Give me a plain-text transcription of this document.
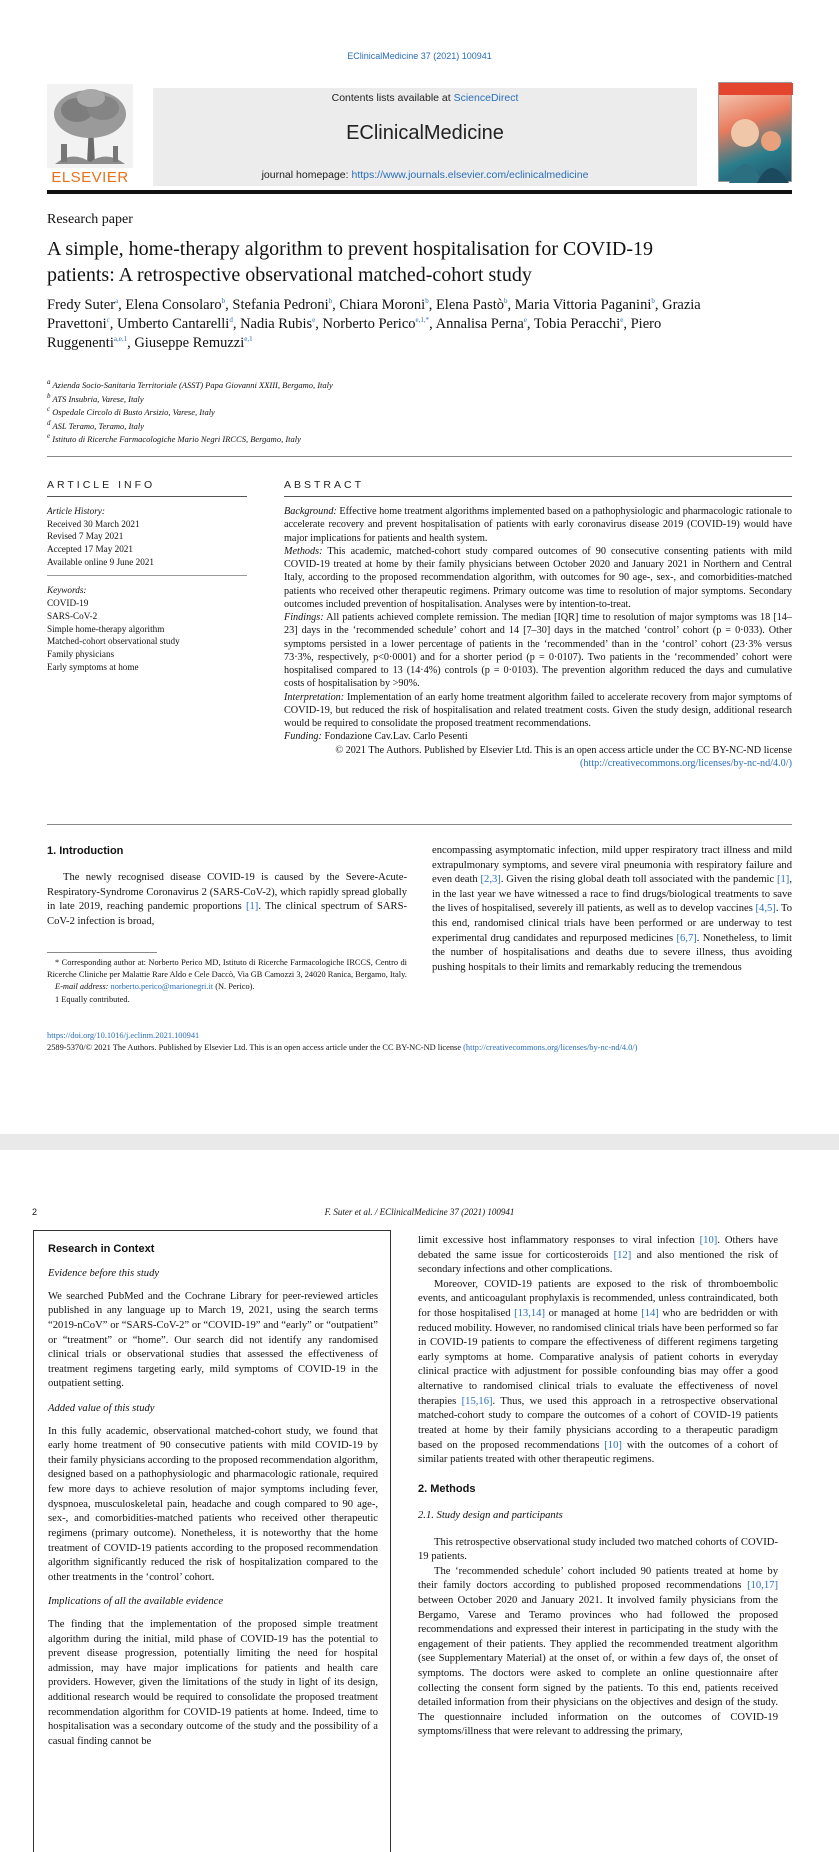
EClinicalMedicine 37 (2021) 100941
ELSEVIER
Contents lists available at ScienceDirect
EClinicalMedicine
journal homepage: https://www.journals.elsevier.com/eclinicalmedicine
Research paper
A simple, home-therapy algorithm to prevent hospitalisation for COVID-19 patients: A retrospective observational matched-cohort study
Fredy Suter$^a$, Elena Consolaro$^b$, Stefania Pedroni$^b$, Chiara Moroni$^b$, Elena Pastò$^b$, Maria Vittoria Paganini$^b$, Grazia Pravettoni$^c$, Umberto Cantarelli$^d$, Nadia Rubis$^e$, Norberto Perico$^{e,1,*}$, Annalisa Perna$^e$, Tobia Peracchi$^e$, Piero Ruggenenti$^{a,e,1}$, Giuseppe Remuzzi$^{e,1}$
$^a$ Azienda Socio-Sanitaria Territoriale (ASST) Papa Giovanni XXIII, Bergamo, Italy
$^b$ ATS Insubria, Varese, Italy
$^c$ Ospedale Circolo di Busto Arsizio, Varese, Italy
$^d$ ASL Teramo, Teramo, Italy
$^e$ Istituto di Ricerche Farmacologiche Mario Negri IRCCS, Bergamo, Italy
ARTICLE INFO	ABSTRACT
Article History:
Received 30 March 2021
Revised 7 May 2021
Accepted 17 May 2021
Available online 9 June 2021
Keywords:
COVID-19
SARS-CoV-2
Simple home-therapy algorithm
Matched-cohort observational study
Family physicians
Early symptoms at home
Background: Effective home treatment algorithms implemented based on a pathophysiologic and pharmacologic rationale to accelerate recovery and prevent hospitalisation of patients with early coronavirus disease 2019 (COVID-19) would have major implications for patients and health system.
Methods: This academic, matched-cohort study compared outcomes of 90 consecutive consenting patients with mild COVID-19 treated at home by their family physicians between October 2020 and January 2021 in Northern and Central Italy, according to the proposed recommendation algorithm, with outcomes for 90 age-, sex-, and comorbidities-matched patients who received other therapeutic regimens. Primary outcome was time to resolution of major symptoms. Secondary outcomes included prevention of hospitalisation. Analyses were by intention-to-treat.
Findings: All patients achieved complete remission. The median [IQR] time to resolution of major symptoms was 18 [14–23] days in the ‘recommended schedule’ cohort and 14 [7–30] days in the matched ‘control’ cohort (p = 0·033). Other symptoms persisted in a lower percentage of patients in the ‘recommended’ than in the ‘control’ cohort (23·3% versus 73·3%, respectively, p<0·0001) and for a shorter period (p = 0·0107). Two patients in the ‘recommended’ cohort were hospitalised compared to 13 (14·4%) controls (p = 0·0103). The prevention algorithm reduced the days and cumulative costs of hospitalisation by >90%.
Interpretation: Implementation of an early home treatment algorithm failed to accelerate recovery from major symptoms of COVID-19, but reduced the risk of hospitalisation and related treatment costs. Given the study design, additional research would be required to consolidate the proposed treatment recommendations.
Funding: Fondazione Cav.Lav. Carlo Pesenti
© 2021 The Authors. Published by Elsevier Ltd. This is an open access article under the CC BY-NC-ND license
(http://creativecommons.org/licenses/by-nc-nd/4.0/)
1. Introduction

The newly recognised disease COVID-19 is caused by the Severe-Acute-Respiratory-Syndrome Coronavirus 2 (SARS-CoV-2), which rapidly spread globally in late 2019, reaching pandemic proportions [1]. The clinical spectrum of SARS-CoV-2 infection is broad,

* Corresponding author at: Norberto Perico MD, Istituto di Ricerche Farmacologiche IRCCS, Centro di Ricerche Cliniche per Malattie Rare Aldo e Cele Daccò, Via GB Camozzi 3, 24020 Ranica, Bergamo, Italy.

E-mail address: norberto.perico@marionegri.it (N. Perico).

1 Equally contributed.

encompassing asymptomatic infection, mild upper respiratory tract illness and mild extrapulmonary symptoms, and severe viral pneumonia with respiratory failure and even death [2,3]. Given the rising global death toll associated with the pandemic [1], in the last year we have witnessed a race to find drugs/biological treatments to save the lives of hospitalised, severely ill patients, as well as to develop vaccines [4,5]. To this end, randomised clinical trials have been performed or are underway to test experimental drug candidates and repurposed medicines [6,7]. Nonetheless, to limit the number of hospitalisations and deaths due to severe illness, thus avoiding pushing hospitals to their limits and remarkably reducing the tremendous

https://doi.org/10.1016/j.eclinm.2021.100941
2589-5370/© 2021 The Authors. Published by Elsevier Ltd. This is an open access article under the CC BY-NC-ND license (http://creativecommons.org/licenses/by-nc-nd/4.0/)
2	F. Suter et al. / EClinicalMedicine 37 (2021) 100941
Research in Context
Evidence before this study

We searched PubMed and the Cochrane Library for peer-reviewed articles published in any language up to March 19, 2021, using the search terms “2019-nCoV” or “SARS-CoV-2” or “COVID-19” and “early” or “outpatient” or “treatment” or “home”. Our search did not identify any randomised clinical trials or observational studies that assessed the effectiveness of treatment regimens targeting early, mild symptoms of COVID-19 in the outpatient setting.

Added value of this study

In this fully academic, observational matched-cohort study, we found that early home treatment of 90 consecutive patients with mild COVID-19 by their family physicians according to the proposed recommendation algorithm, designed based on a pathophysiologic and pharmacologic rationale, required few more days to achieve resolution of major symptoms including fever, dyspnoea, musculoskeletal pain, headache and cough compared to 90 age-, sex-, and comorbidities-matched patients who received other therapeutic regimens (primary outcome). Nonetheless, it is noteworthy that the home treatment of COVID-19 patients according to the proposed recommendation algorithm significantly reduced the risk of hospitalization compared to the other treatments in the ‘control’ cohort.

Implications of all the available evidence

The finding that the implementation of the proposed simple treatment algorithm during the initial, mild phase of COVID-19 has the potential to prevent disease progression, potentially limiting the need for hospital admission, may have major implications for patients and health care providers. However, given the limitations of the study in light of its design, additional research would be required to consolidate the proposed treatment recommendation algorithm for COVID-19 patients at home. Indeed, time to hospitalisation was a secondary outcome of the study and the possibility of a casual finding cannot be

limit excessive host inflammatory responses to viral infection [10]. Others have debated the same issue for corticosteroids [12] and also mentioned the risk of secondary infections and other complications.

Moreover, COVID-19 patients are exposed to the risk of thromboembolic events, and anticoagulant prophylaxis is recommended, unless contraindicated, both for those hospitalised [13,14] or managed at home [14] who are bedridden or with reduced mobility. However, no randomised clinical trials have been performed so far in COVID-19 patients to compare the effectiveness of different regimens targeting early symptoms at home. Comparative analysis of patient cohorts in everyday clinical practice with adjustment for possible confounding bias may offer a good alternative to randomised clinical trials to evaluate the effectiveness of novel therapies [15,16]. Thus, we used this approach in a retrospective observational matched-cohort study to compare the outcomes of a cohort of COVID-19 patients treated at home by their family physicians according to a therapeutic paradigm based on the proposed recommendations [10] with the outcomes of a cohort of similar patients treated with other therapeutic regimens.

2. Methods

2.1. Study design and participants

This retrospective observational study included two matched cohorts of COVID-19 patients.

The ‘recommended schedule’ cohort included 90 patients treated at home by their family doctors according to published proposed recommendations [10,17] between October 2020 and January 2021. It involved family physicians from the Bergamo, Varese and Teramo provinces who had followed the proposed recommendations and expressed their interest in participating in the study with the engagement of their patients. They applied the recommended treatment algorithm (see Supplementary Material) at the onset of, or within a few days of, the onset of symptoms. The doctors were asked to complete an online questionnaire after collecting the consent form signed by the patients. To this end, patients received detailed information from their physicians on the objectives and design of the study. The questionnaire included information on the outcomes of COVID-19 symptoms/illness that were relevant to addressing the primary,
